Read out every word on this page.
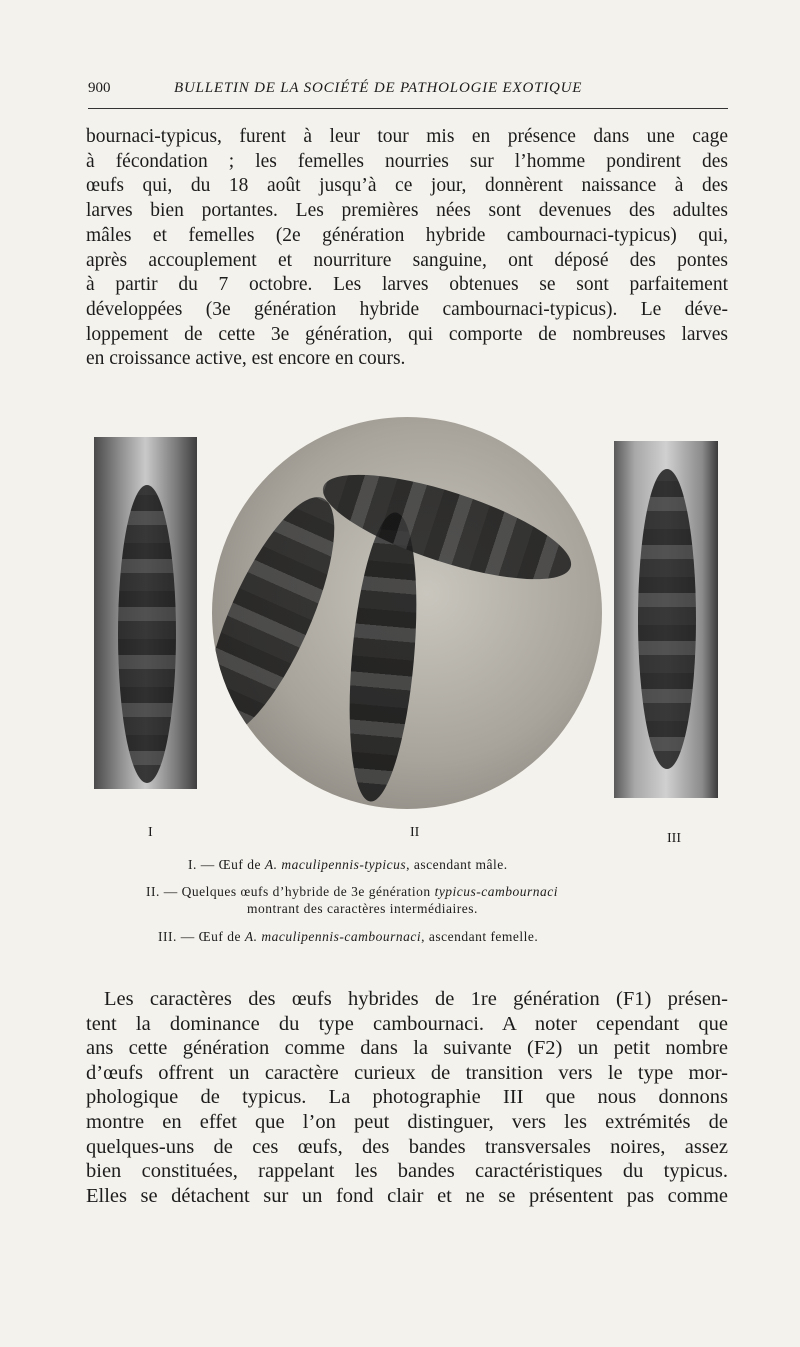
900	BULLETIN DE LA SOCIÉTÉ DE PATHOLOGIE EXOTIQUE
bournaci-typicus, furent à leur tour mis en présence dans une cage
à fécondation ; les femelles nourries sur l’homme pondirent des
œufs qui, du 18 août jusqu’à ce jour, donnèrent naissance à des
larves bien portantes. Les premières nées sont devenues des adultes
mâles et femelles (2e génération hybride cambournaci-typicus) qui,
après accouplement et nourriture sanguine, ont déposé des pontes
à partir du 7 octobre. Les larves obtenues se sont parfaitement
développées (3e génération hybride cambournaci-typicus). Le déve-
loppement de cette 3e génération, qui comporte de nombreuses larves
en croissance active, est encore en cours.
I	II	III
I. — Œuf de A. maculipennis-typicus, ascendant mâle.
II. — Quelques œufs d’hybride de 3e génération typicus-cambournaci
montrant des caractères intermédiaires.
III. — Œuf de A. maculipennis-cambournaci, ascendant femelle.
Les caractères des œufs hybrides de 1re génération (F1) présen-
tent la dominance du type cambournaci. A noter cependant que
ans cette génération comme dans la suivante (F2) un petit nombre
d’œufs offrent un caractère curieux de transition vers le type mor-
phologique de typicus. La photographie III que nous donnons
montre en effet que l’on peut distinguer, vers les extrémités de
quelques-uns de ces œufs, des bandes transversales noires, assez
bien constituées, rappelant les bandes caractéristiques du typicus.
Elles se détachent sur un fond clair et ne se présentent pas comme
